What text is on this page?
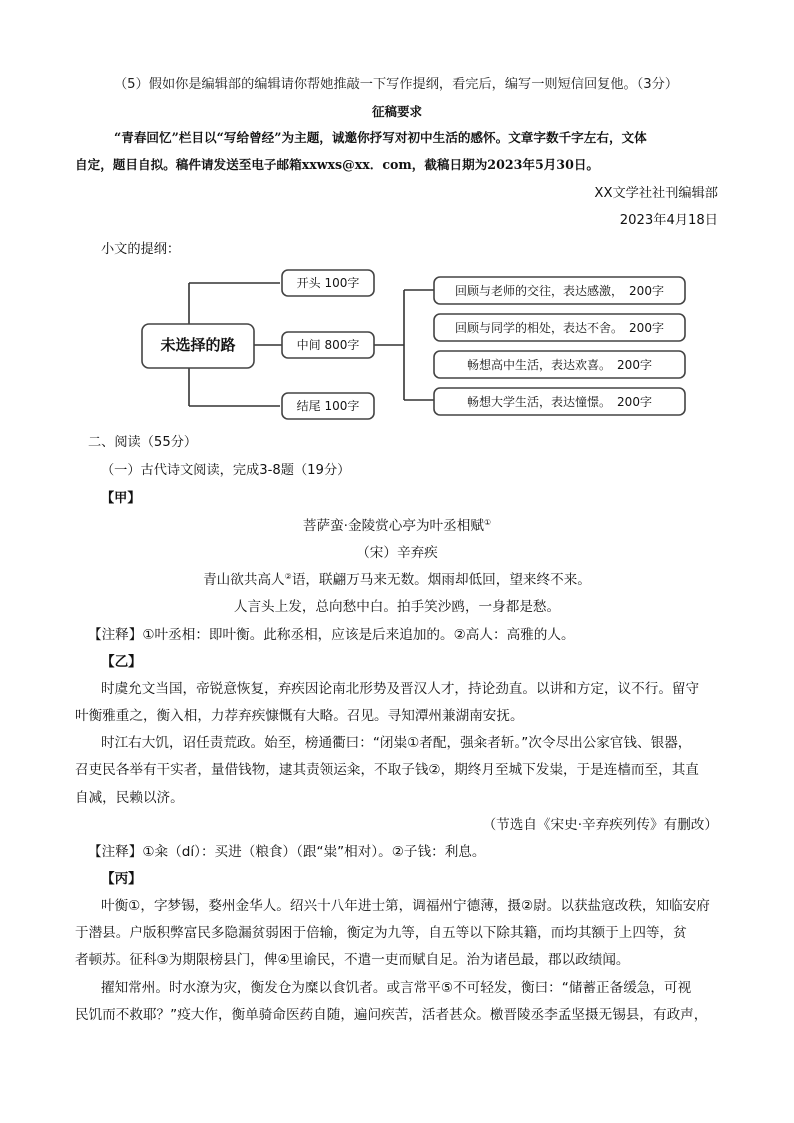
（5）假如你是编辑部的编辑请你帮她推敲一下写作提纲，看完后，编写一则短信回复他。（3分）
征稿要求
“青春回忆”栏目以“写给曾经”为主题，诚邀你抒写对初中生活的感怀。文章字数千字左右，文体
自定，题目自拟。稿件请发送至电子邮箱xxwxs@xx．com，截稿日期为2023年5月30日。
XX文学社社刊编辑部
2023年4月18日
小文的提纲：
未选择的路
开头 100字
中间 800字
结尾 100字
回顾与老师的交往，表达感激，　200字
回顾与同学的相处，表达不舍。　200字
畅想高中生活，表达欢喜。　200字
畅想大学生活，表达憧憬。　200字
二、阅读（55分）
（一）古代诗文阅读，完成3-8题（19分）
【甲】
菩萨蛮·金陵赏心亭为叶丞相赋①
（宋）辛弃疾
青山欲共高人②语，联翩万马来无数。烟雨却低回，望来终不来。
人言头上发，总向愁中白。拍手笑沙鸥，一身都是愁。
【注释】①叶丞相：即叶衡。此称丞相，应该是后来追加的。②高人：高雅的人。
【乙】
时虞允文当国，帝锐意恢复，弃疾因论南北形势及晋汉人才，持论劲直。以讲和方定，议不行。留守
叶衡雅重之，衡入相，力荐弃疾慷慨有大略。召见。寻知潭州兼湖南安抚。
时江右大饥，诏任责荒政。始至，榜通衢曰：“闭粜①者配，强籴者斩。”次令尽出公家官钱、银器，
召吏民各举有干实者，量借钱物，逮其责领运籴，不取子钱②，期终月至城下发粜，于是连樯而至，其直
自减，民赖以济。
（节选自《宋史·辛弃疾列传》有删改）
【注释】①籴（dí）：买进（粮食）（跟“粜”相对）。②子钱：利息。
【丙】
叶衡①，字梦锡，婺州金华人。绍兴十八年进士第，调福州宁德薄，摄②尉。以获盐寇改秩，知临安府
于潜县。户版积弊富民多隐漏贫弱困于倍输，衡定为九等，自五等以下除其籍，而均其额于上四等，贫
者顿苏。征科③为期限榜县门，俾④里谕民，不遣一吏而赋自足。治为诸邑最，郡以政绩闻。
擢知常州。时水潦为灾，衡发仓为糜以食饥者。或言常平⑤不可轻发，衡曰：“储蓄正备缓急，可视
民饥而不救耶？”疫大作，衡单骑命医药自随，遍问疾苦，活者甚众。檄晋陵丞李孟坚摄无锡县，有政声，
